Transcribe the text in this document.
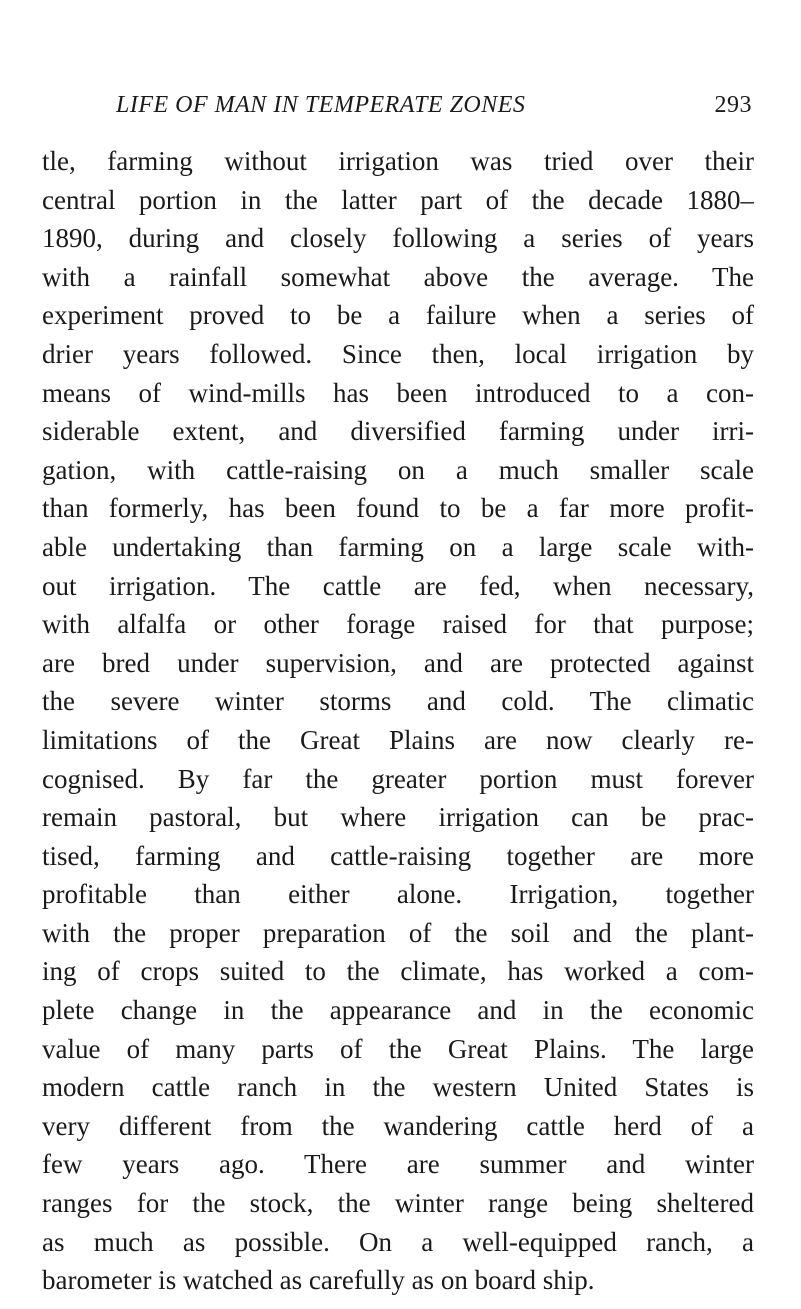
LIFE OF MAN IN TEMPERATE ZONES	293
tle, farming without irrigation was tried over their
central portion in the latter part of the decade 1880–
1890, during and closely following a series of years
with a rainfall somewhat above the average. The
experiment proved to be a failure when a series of
drier years followed. Since then, local irrigation by
means of wind-mills has been introduced to a con-
siderable extent, and diversified farming under irri-
gation, with cattle-raising on a much smaller scale
than formerly, has been found to be a far more profit-
able undertaking than farming on a large scale with-
out irrigation. The cattle are fed, when necessary,
with alfalfa or other forage raised for that purpose;
are bred under supervision, and are protected against
the severe winter storms and cold. The climatic
limitations of the Great Plains are now clearly re-
cognised. By far the greater portion must forever
remain pastoral, but where irrigation can be prac-
tised, farming and cattle-raising together are more
profitable than either alone. Irrigation, together
with the proper preparation of the soil and the plant-
ing of crops suited to the climate, has worked a com-
plete change in the appearance and in the economic
value of many parts of the Great Plains. The large
modern cattle ranch in the western United States is
very different from the wandering cattle herd of a
few years ago. There are summer and winter
ranges for the stock, the winter range being sheltered
as much as possible. On a well-equipped ranch, a
barometer is watched as carefully as on board ship.
